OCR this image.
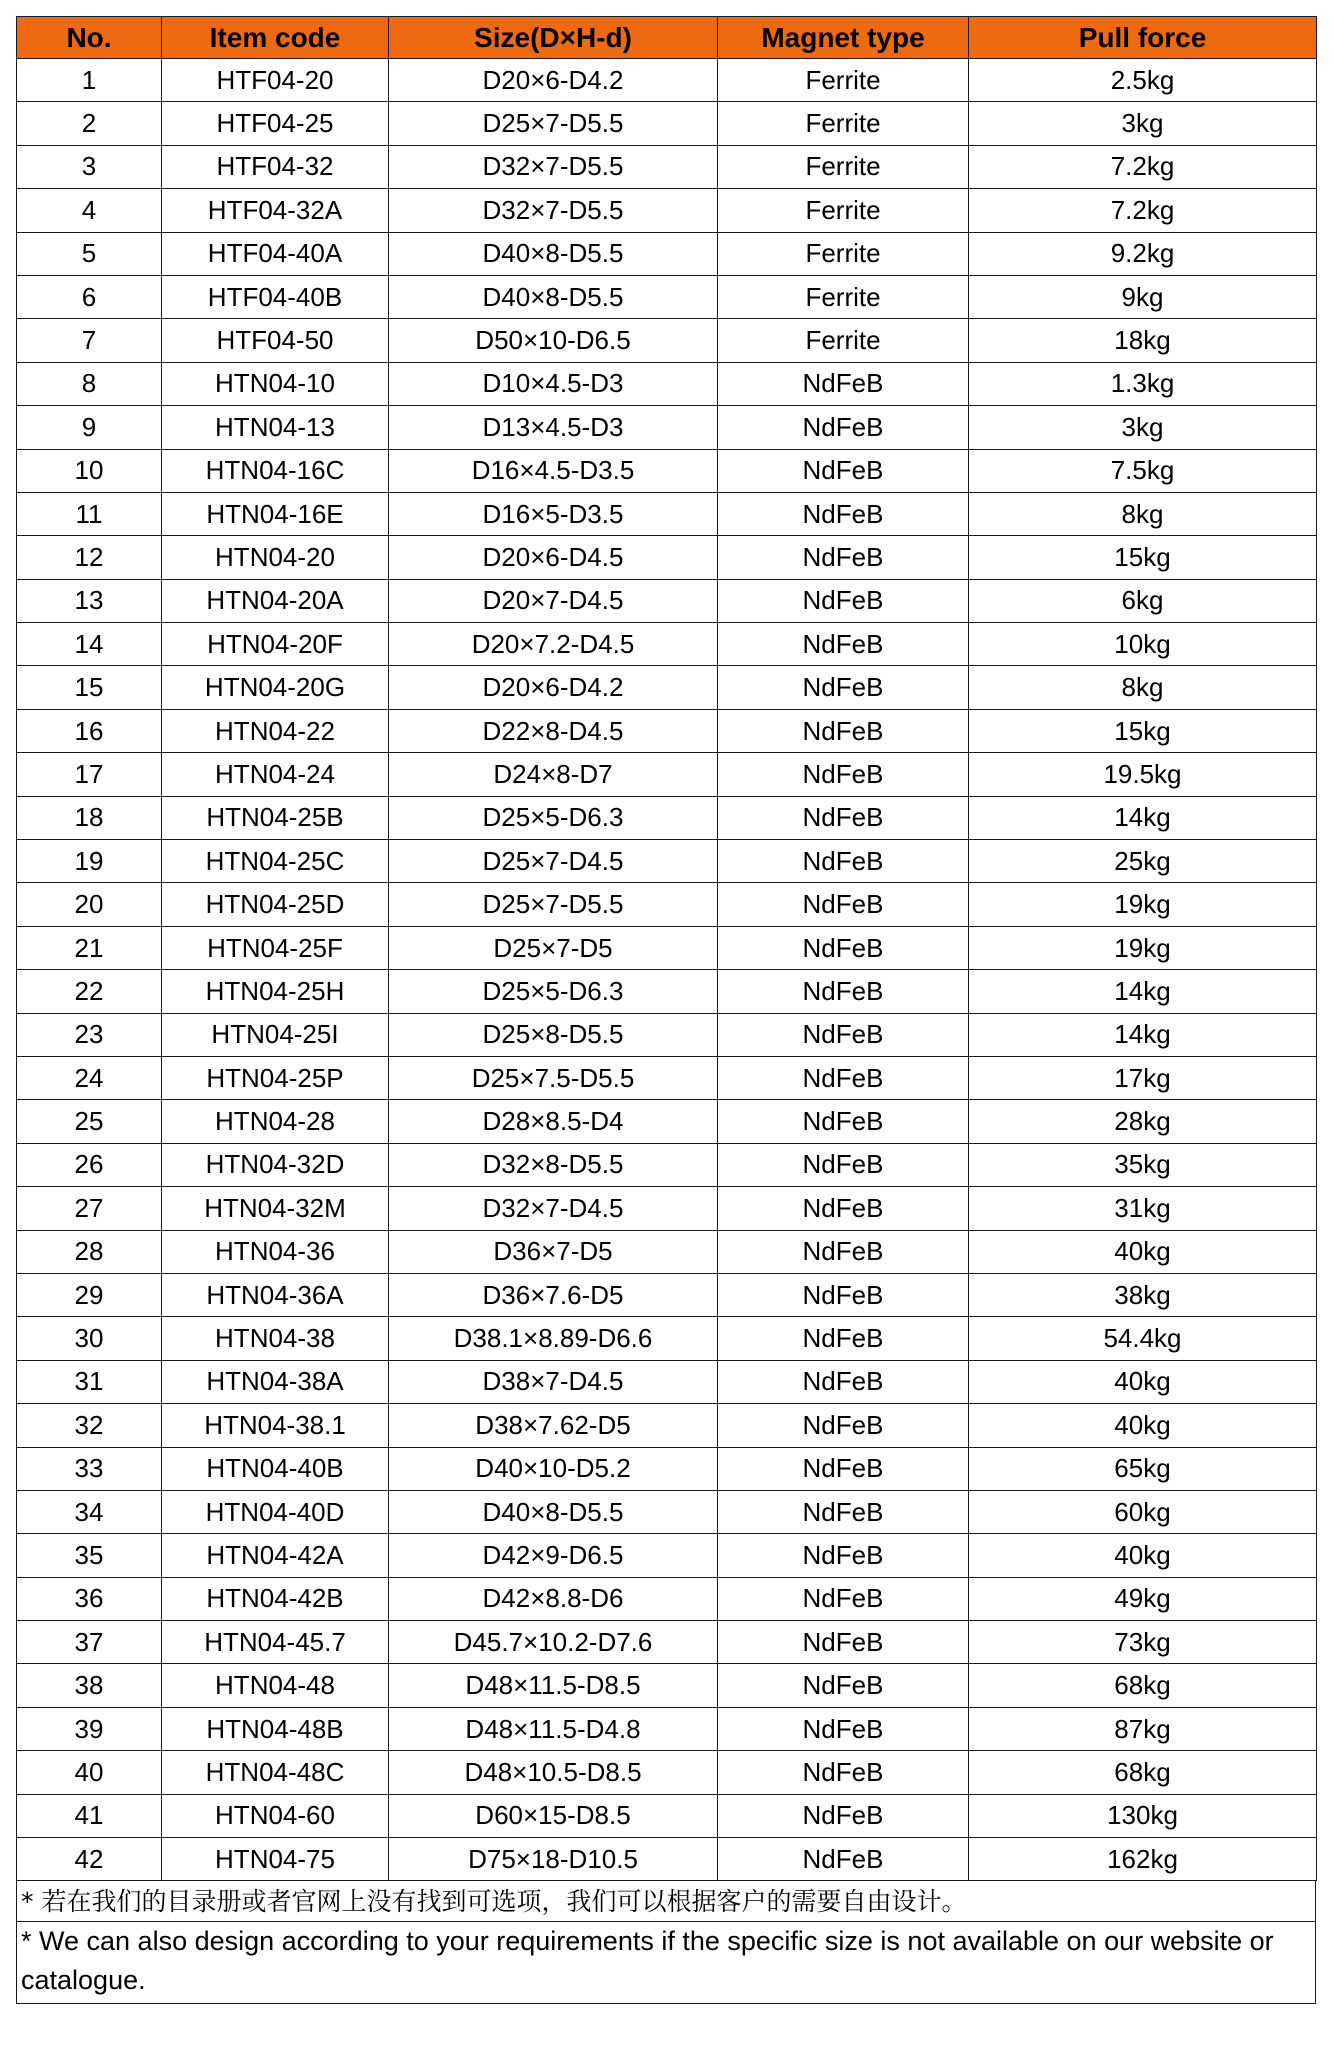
No.	Item code	Size(D×H-d)	Magnet type	Pull force
1	HTF04-20	D20×6-D4.2	Ferrite	2.5kg
2	HTF04-25	D25×7-D5.5	Ferrite	3kg
3	HTF04-32	D32×7-D5.5	Ferrite	7.2kg
4	HTF04-32A	D32×7-D5.5	Ferrite	7.2kg
5	HTF04-40A	D40×8-D5.5	Ferrite	9.2kg
6	HTF04-40B	D40×8-D5.5	Ferrite	9kg
7	HTF04-50	D50×10-D6.5	Ferrite	18kg
8	HTN04-10	D10×4.5-D3	NdFeB	1.3kg
9	HTN04-13	D13×4.5-D3	NdFeB	3kg
10	HTN04-16C	D16×4.5-D3.5	NdFeB	7.5kg
11	HTN04-16E	D16×5-D3.5	NdFeB	8kg
12	HTN04-20	D20×6-D4.5	NdFeB	15kg
13	HTN04-20A	D20×7-D4.5	NdFeB	6kg
14	HTN04-20F	D20×7.2-D4.5	NdFeB	10kg
15	HTN04-20G	D20×6-D4.2	NdFeB	8kg
16	HTN04-22	D22×8-D4.5	NdFeB	15kg
17	HTN04-24	D24×8-D7	NdFeB	19.5kg
18	HTN04-25B	D25×5-D6.3	NdFeB	14kg
19	HTN04-25C	D25×7-D4.5	NdFeB	25kg
20	HTN04-25D	D25×7-D5.5	NdFeB	19kg
21	HTN04-25F	D25×7-D5	NdFeB	19kg
22	HTN04-25H	D25×5-D6.3	NdFeB	14kg
23	HTN04-25I	D25×8-D5.5	NdFeB	14kg
24	HTN04-25P	D25×7.5-D5.5	NdFeB	17kg
25	HTN04-28	D28×8.5-D4	NdFeB	28kg
26	HTN04-32D	D32×8-D5.5	NdFeB	35kg
27	HTN04-32M	D32×7-D4.5	NdFeB	31kg
28	HTN04-36	D36×7-D5	NdFeB	40kg
29	HTN04-36A	D36×7.6-D5	NdFeB	38kg
30	HTN04-38	D38.1×8.89-D6.6	NdFeB	54.4kg
31	HTN04-38A	D38×7-D4.5	NdFeB	40kg
32	HTN04-38.1	D38×7.62-D5	NdFeB	40kg
33	HTN04-40B	D40×10-D5.2	NdFeB	65kg
34	HTN04-40D	D40×8-D5.5	NdFeB	60kg
35	HTN04-42A	D42×9-D6.5	NdFeB	40kg
36	HTN04-42B	D42×8.8-D6	NdFeB	49kg
37	HTN04-45.7	D45.7×10.2-D7.6	NdFeB	73kg
38	HTN04-48	D48×11.5-D8.5	NdFeB	68kg
39	HTN04-48B	D48×11.5-D4.8	NdFeB	87kg
40	HTN04-48C	D48×10.5-D8.5	NdFeB	68kg
41	HTN04-60	D60×15-D8.5	NdFeB	130kg
42	HTN04-75	D75×18-D10.5	NdFeB	162kg
* 若在我们的目录册或者官网上没有找到可选项，我们可以根据客户的需要自由设计。
* We can also design according to your requirements if the specific size is not available on our website or catalogue.
